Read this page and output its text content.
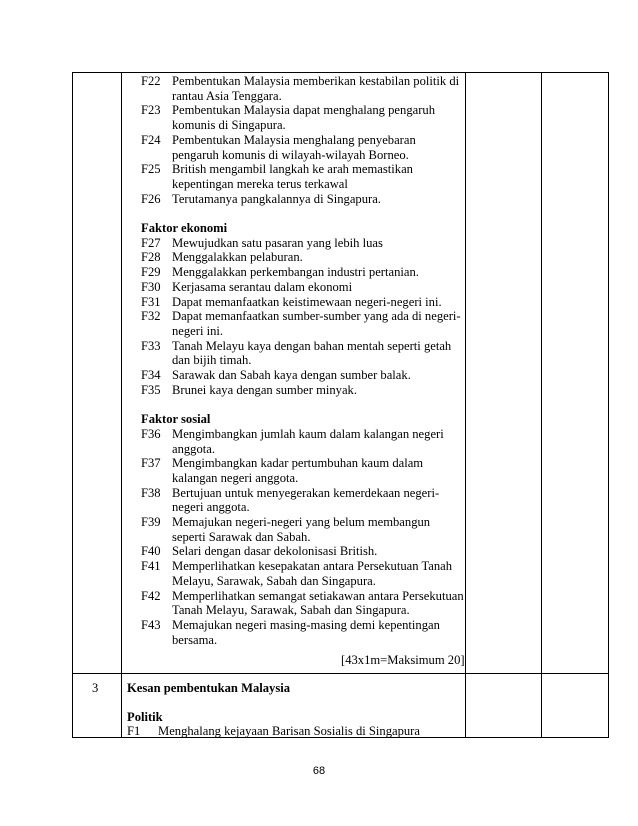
F22 Pembentukan Malaysia memberikan kestabilan politik di
rantau Asia Tenggara.
F23 Pembentukan Malaysia dapat menghalang pengaruh
komunis di Singapura.
F24 Pembentukan Malaysia menghalang penyebaran
pengaruh komunis di wilayah-wilayah Borneo.
F25 British mengambil langkah ke arah memastikan
kepentingan mereka terus terkawal
F26 Terutamanya pangkalannya di Singapura.
Faktor ekonomi
F27 Mewujudkan satu pasaran yang lebih luas
F28 Menggalakkan pelaburan.
F29 Menggalakkan perkembangan industri pertanian.
F30 Kerjasama serantau dalam ekonomi
F31 Dapat memanfaatkan keistimewaan negeri-negeri ini.
F32 Dapat memanfaatkan sumber-sumber yang ada di negeri-
negeri ini.
F33 Tanah Melayu kaya dengan bahan mentah seperti getah
dan bijih timah.
F34 Sarawak dan Sabah kaya dengan sumber balak.
F35 Brunei kaya dengan sumber minyak.
Faktor sosial
F36 Mengimbangkan jumlah kaum dalam kalangan negeri
anggota.
F37 Mengimbangkan kadar pertumbuhan kaum dalam
kalangan negeri anggota.
F38 Bertujuan untuk menyegerakan kemerdekaan negeri-
negeri anggota.
F39 Memajukan negeri-negeri yang belum membangun
seperti Sarawak dan Sabah.
F40 Selari dengan dasar dekolonisasi British.
F41 Memperlihatkan kesepakatan antara Persekutuan Tanah
Melayu, Sarawak, Sabah dan Singapura.
F42 Memperlihatkan semangat setiakawan antara Persekutuan
Tanah Melayu, Sarawak, Sabah dan Singapura.
F43 Memajukan negeri masing-masing demi kepentingan
bersama.
[43x1m=Maksimum 20]
3 Kesan pembentukan Malaysia
Politik
F1 Menghalang kejayaan Barisan Sosialis di Singapura
68
